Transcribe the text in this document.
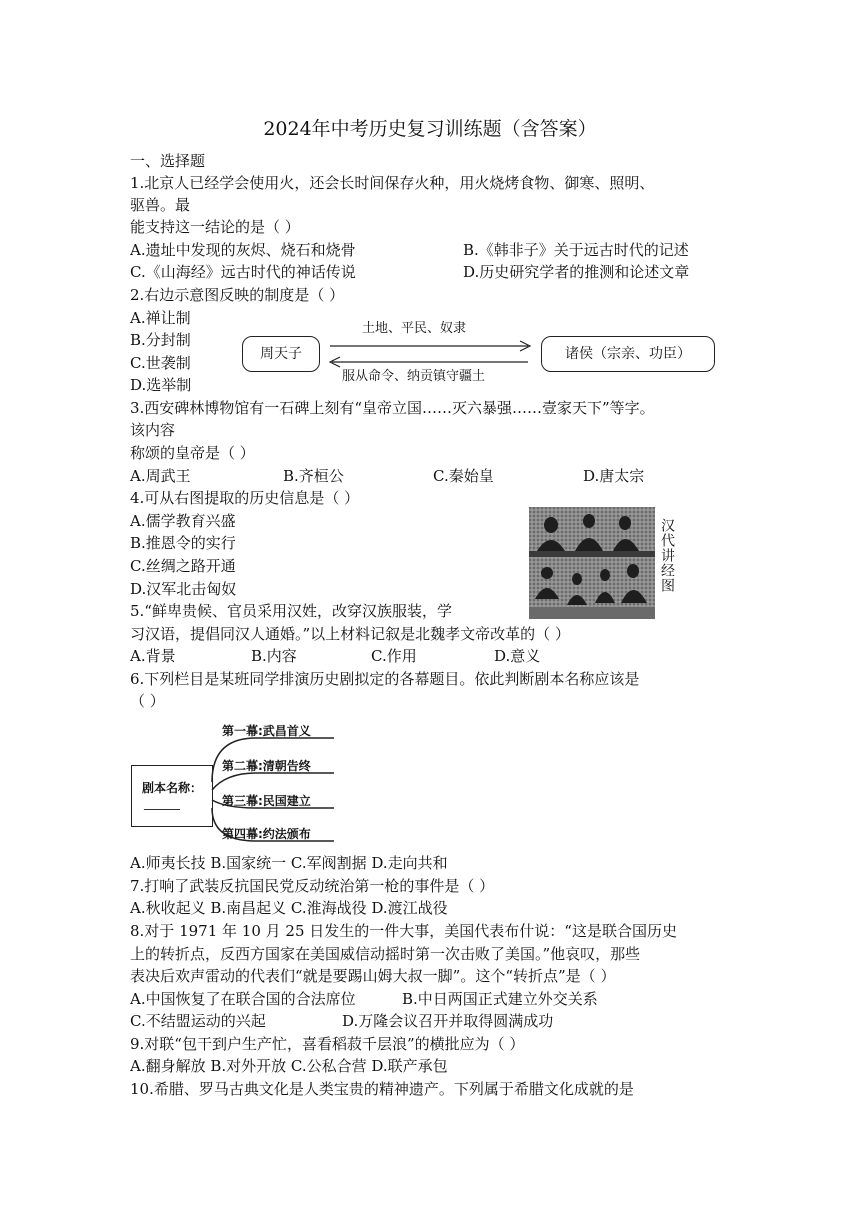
2024年中考历史复习训练题（含答案）
一、选择题
1.北京人已经学会使用火，还会长时间保存火种，用火烧烤食物、御寒、照明、
驱兽。最
能支持这一结论的是（ ）
A.遗址中发现的灰烬、烧石和烧骨	B.《韩非子》关于远古时代的记述
C.《山海经》远古时代的神话传说	D.历史研究学者的推测和论述文章
2.右边示意图反映的制度是（ ）
A.禅让制
B.分封制
C.世袭制
D.选举制
周天子	诸侯（宗亲、功臣）
土地、平民、奴隶
服从命令、纳贡镇守疆土
3.西安碑林博物馆有一石碑上刻有“皇帝立国……灭六暴强……壹家天下”等字。
该内容
称颂的皇帝是（ ）
A.周武王	B.齐桓公	C.秦始皇	D.唐太宗
4.可从右图提取的历史信息是（ ）
A.儒学教育兴盛
B.推恩令的实行
C.丝绸之路开通
D.汉军北击匈奴	汉代讲经图
5.“鲜卑贵候、官员采用汉姓，改穿汉族服装，学
习汉语，提倡同汉人通婚。”以上材料记叙是北魏孝文帝改革的（ ）
A.背景	B.内容	C.作用	D.意义
6.下列栏目是某班同学排演历史剧拟定的各幕题目。依此判断剧本名称应该是
（ ）
剧本名称：
______
第一幕:武昌首义
第二幕:清朝告终
第三幕:民国建立
第四幕:约法颁布
A.师夷长技 B.国家统一 C.军阀割据 D.走向共和
7.打响了武装反抗国民党反动统治第一枪的事件是（ ）
A.秋收起义 B.南昌起义 C.淮海战役 D.渡江战役
8.对于 1971 年 10 月 25 日发生的一件大事，美国代表布什说：“这是联合国历史
上的转折点，反西方国家在美国威信动摇时第一次击败了美国。”他哀叹，那些
表决后欢声雷动的代表们“就是要踢山姆大叔一脚”。这个“转折点”是（ ）
A.中国恢复了在联合国的合法席位	B.中日两国正式建立外交关系
C.不结盟运动的兴起	D.万隆会议召开并取得圆满成功
9.对联“包干到户生产忙，喜看稻菽千层浪”的横批应为（ ）
A.翻身解放 B.对外开放 C.公私合营 D.联产承包
10.希腊、罗马古典文化是人类宝贵的精神遗产。下列属于希腊文化成就的是
